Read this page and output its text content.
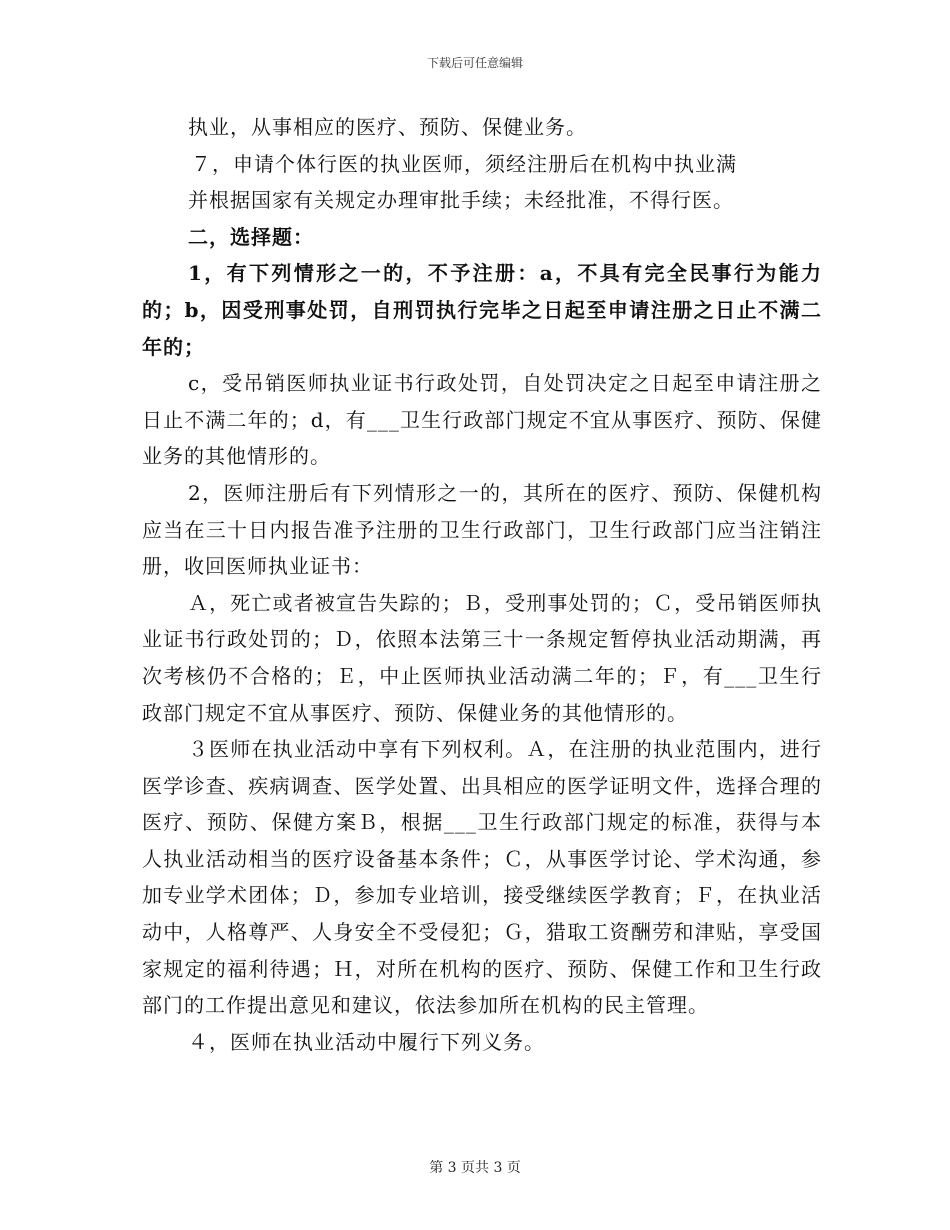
下载后可任意编辑

执业，从事相应的医疗、预防、保健业务。

７，申请个体行医的执业医师，须经注册后在机构中执业满

并根据国家有关规定办理审批手续；未经批准，不得行医。

二，选择题：

1，有下列情形之一的，不予注册：a，不具有完全民事行为能力的；b，因受刑事处罚，自刑罚执行完毕之日起至申请注册之日止不满二年的；

c，受吊销医师执业证书行政处罚，自处罚决定之日起至申请注册之日止不满二年的；d，有___卫生行政部门规定不宜从事医疗、预防、保健业务的其他情形的。

2，医师注册后有下列情形之一的，其所在的医疗、预防、保健机构应当在三十日内报告准予注册的卫生行政部门，卫生行政部门应当注销注册，收回医师执业证书：

Ａ，死亡或者被宣告失踪的；Ｂ，受刑事处罚的；Ｃ，受吊销医师执业证书行政处罚的；Ｄ，依照本法第三十一条规定暂停执业活动期满，再次考核仍不合格的；Ｅ，中止医师执业活动满二年的；Ｆ，有___卫生行政部门规定不宜从事医疗、预防、保健业务的其他情形的。

３医师在执业活动中享有下列权利。Ａ，在注册的执业范围内，进行医学诊查、疾病调查、医学处置、出具相应的医学证明文件，选择合理的医疗、预防、保健方案Ｂ，根据___卫生行政部门规定的标准，获得与本人执业活动相当的医疗设备基本条件；Ｃ，从事医学讨论、学术沟通，参加专业学术团体；Ｄ，参加专业培训，接受继续医学教育；Ｆ，在执业活动中，人格尊严、人身安全不受侵犯；Ｇ，猎取工资酬劳和津贴，享受国家规定的福利待遇；Ｈ，对所在机构的医疗、预防、保健工作和卫生行政部门的工作提出意见和建议，依法参加所在机构的民主管理。

４，医师在执业活动中履行下列义务。

第 3 页共 3 页
